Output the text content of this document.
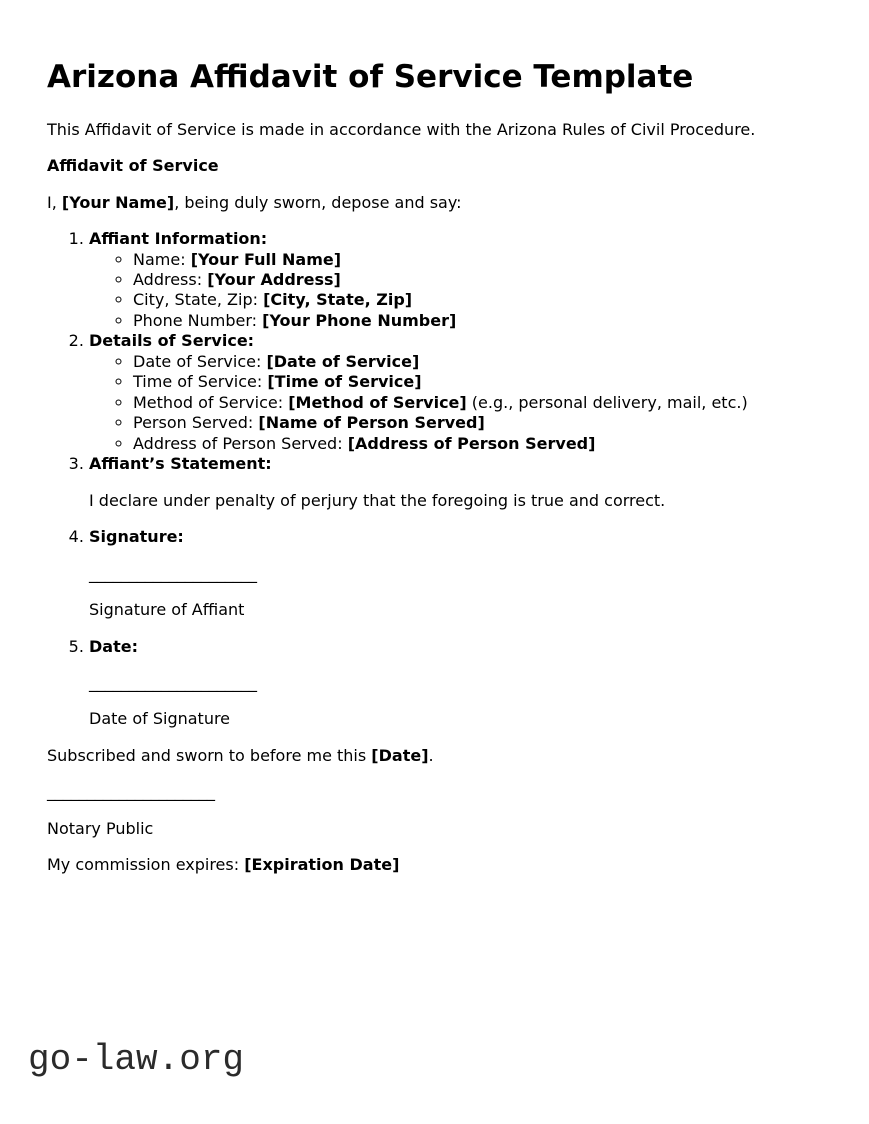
Arizona Affidavit of Service Template

This Affidavit of Service is made in accordance with the Arizona Rules of Civil Procedure.

Affidavit of Service

I, [Your Name], being duly sworn, depose and say:

1. Affiant Information:
◦ Name: [Your Full Name]
◦ Address: [Your Address]
◦ City, State, Zip: [City, State, Zip]
◦ Phone Number: [Your Phone Number]
2. Details of Service:
◦ Date of Service: [Date of Service]
◦ Time of Service: [Time of Service]
◦ Method of Service: [Method of Service] (e.g., personal delivery, mail, etc.)
◦ Person Served: [Name of Person Served]
◦ Address of Person Served: [Address of Person Served]
3. Affiant’s Statement:

I declare under penalty of perjury that the foregoing is true and correct.

4. Signature:

_____________________

Signature of Affiant

5. Date:

_____________________

Date of Signature

Subscribed and sworn to before me this [Date].

_____________________

Notary Public

My commission expires: [Expiration Date]

go-law.org
